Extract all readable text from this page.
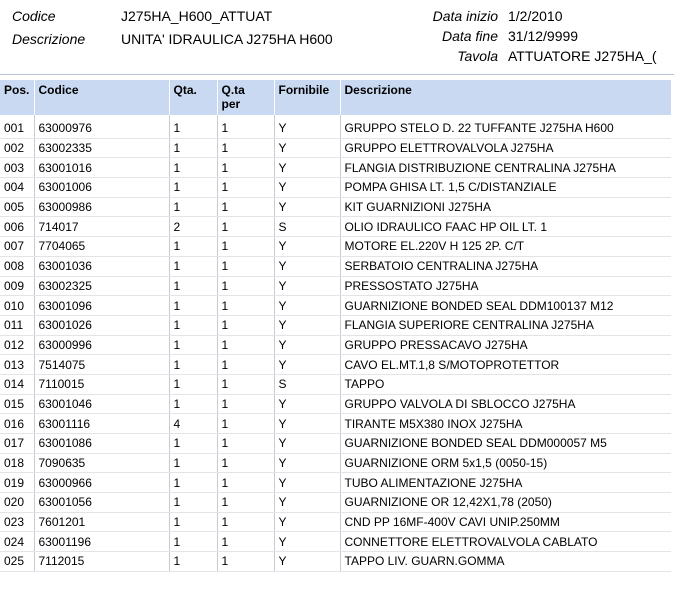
Codice	J275HA_H600_ATTUAT
Descrizione	UNITA' IDRAULICA J275HA H600
Data inizio 1/2/2010
Data fine 31/12/9999
Tavola ATTUATORE J275HA_(
Pos.	Codice	Qta.	Q.ta per	Fornibile	Descrizione
001	63000976	1	1	Y	GRUPPO STELO D. 22 TUFFANTE J275HA H600
002	63002335	1	1	Y	GRUPPO ELETTROVALVOLA J275HA
003	63001016	1	1	Y	FLANGIA DISTRIBUZIONE CENTRALINA J275HA
004	63001006	1	1	Y	POMPA GHISA LT. 1,5 C/DISTANZIALE
005	63000986	1	1	Y	KIT GUARNIZIONI J275HA
006	714017	2	1	S	OLIO IDRAULICO FAAC HP OIL LT. 1
007	7704065	1	1	Y	MOTORE EL.220V H 125 2P. C/T
008	63001036	1	1	Y	SERBATOIO CENTRALINA J275HA
009	63002325	1	1	Y	PRESSOSTATO J275HA
010	63001096	1	1	Y	GUARNIZIONE BONDED SEAL DDM100137 M12
011	63001026	1	1	Y	FLANGIA SUPERIORE CENTRALINA J275HA
012	63000996	1	1	Y	GRUPPO PRESSACAVO J275HA
013	7514075	1	1	Y	CAVO EL.MT.1,8 S/MOTOPROTETTOR
014	7110015	1	1	S	TAPPO
015	63001046	1	1	Y	GRUPPO VALVOLA DI SBLOCCO J275HA
016	63001116	4	1	Y	TIRANTE M5X380 INOX J275HA
017	63001086	1	1	Y	GUARNIZIONE BONDED SEAL DDM000057 M5
018	7090635	1	1	Y	GUARNIZIONE ORM 5x1,5 (0050-15)
019	63000966	1	1	Y	TUBO ALIMENTAZIONE J275HA
020	63001056	1	1	Y	GUARNIZIONE OR 12,42X1,78 (2050)
023	7601201	1	1	Y	CND PP 16MF-400V CAVI UNIP.250MM
024	63001196	1	1	Y	CONNETTORE ELETTROVALVOLA CABLATO
025	7112015	1	1	Y	TAPPO LIV. GUARN.GOMMA
